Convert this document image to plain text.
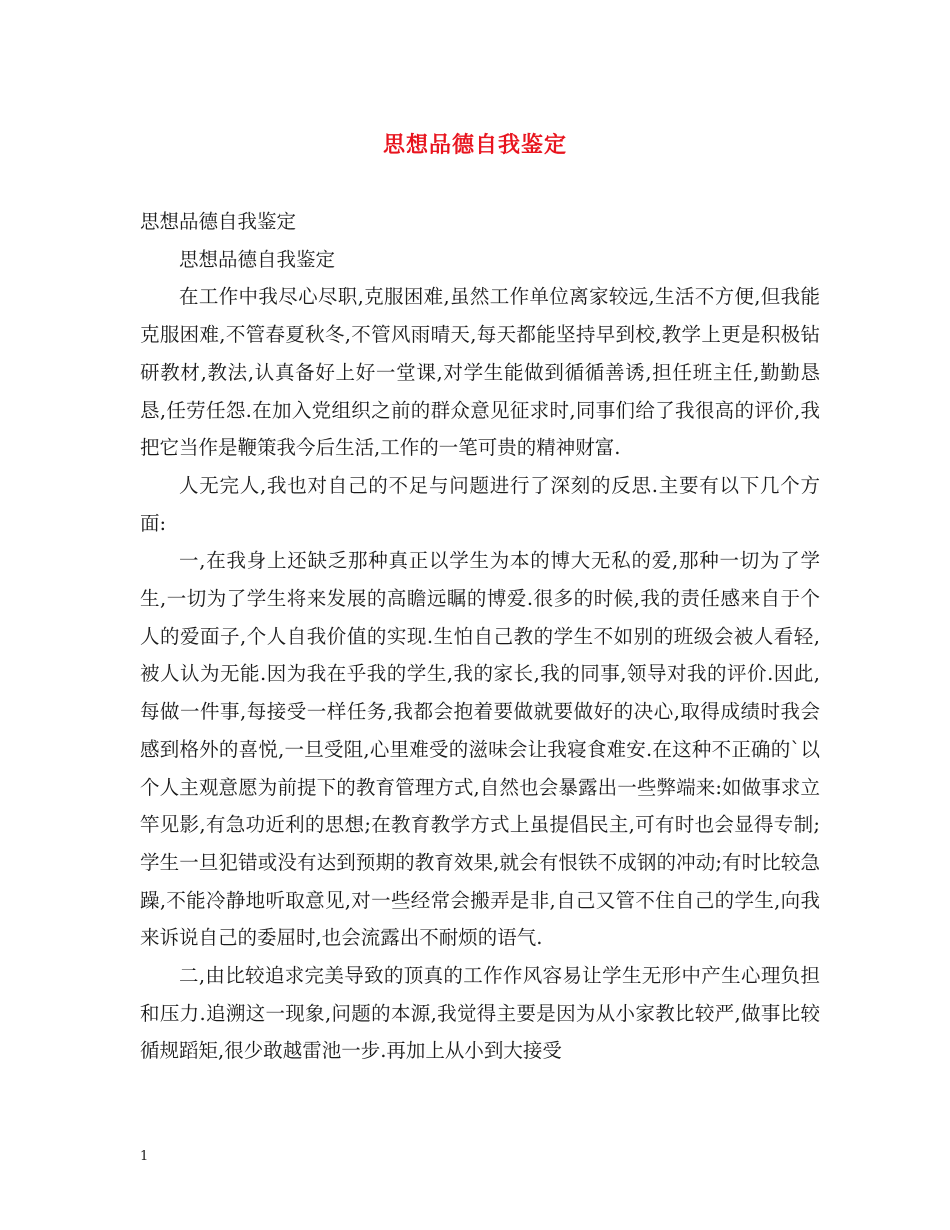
思想品德自我鉴定

思想品德自我鉴定

思想品德自我鉴定

在工作中我尽心尽职,克服困难,虽然工作单位离家较远,生活不方便,但我能克服困难,不管春夏秋冬,不管风雨晴天,每天都能坚持早到校,教学上更是积极钻研教材,教法,认真备好上好一堂课,对学生能做到循循善诱,担任班主任,勤勤恳恳,任劳任怨.在加入党组织之前的群众意见征求时,同事们给了我很高的评价,我把它当作是鞭策我今后生活,工作的一笔可贵的精神财富.

人无完人,我也对自己的不足与问题进行了深刻的反思.主要有以下几个方面:

一,在我身上还缺乏那种真正以学生为本的博大无私的爱,那种一切为了学生,一切为了学生将来发展的高瞻远瞩的博爱.很多的时候,我的责任感来自于个人的爱面子,个人自我价值的实现.生怕自己教的学生不如别的班级会被人看轻,被人认为无能.因为我在乎我的学生,我的家长,我的同事,领导对我的评价.因此,每做一件事,每接受一样任务,我都会抱着要做就要做好的决心,取得成绩时我会感到格外的喜悦,一旦受阻,心里难受的滋味会让我寝食难安.在这种不正确的`以个人主观意愿为前提下的教育管理方式,自然也会暴露出一些弊端来:如做事求立竿见影,有急功近利的思想;在教育教学方式上虽提倡民主,可有时也会显得专制;学生一旦犯错或没有达到预期的教育效果,就会有恨铁不成钢的冲动;有时比较急躁,不能冷静地听取意见,对一些经常会搬弄是非,自己又管不住自己的学生,向我来诉说自己的委屈时,也会流露出不耐烦的语气.

二,由比较追求完美导致的顶真的工作作风容易让学生无形中产生心理负担和压力.追溯这一现象,问题的本源,我觉得主要是因为从小家教比较严,做事比较循规蹈矩,很少敢越雷池一步.再加上从小到大接受

1
